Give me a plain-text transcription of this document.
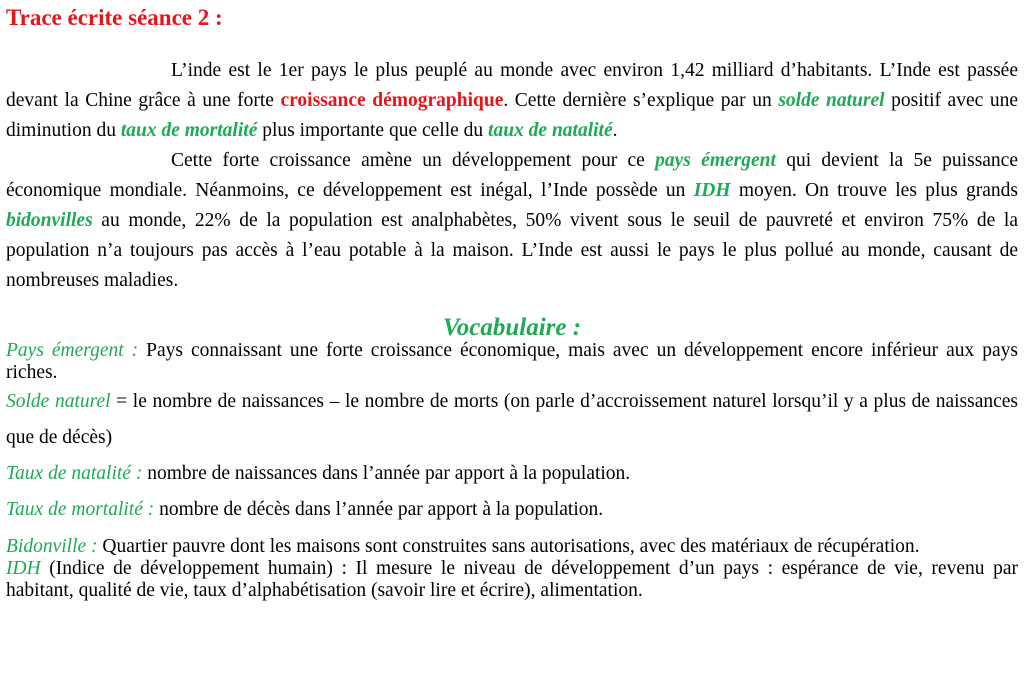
Trace écrite séance 2 :

L’inde est le 1er pays le plus peuplé au monde avec environ 1,42 milliard d’habitants. L’Inde est passée devant la Chine grâce à une forte croissance démographique. Cette dernière s’explique par un solde naturel positif avec une diminution du taux de mortalité plus importante que celle du taux de natalité.

Cette forte croissance amène un développement pour ce pays émergent qui devient la 5e puissance économique mondiale. Néanmoins, ce développement est inégal, l’Inde possède un IDH moyen. On trouve les plus grands bidonvilles au monde, 22% de la population est analphabètes, 50% vivent sous le seuil de pauvreté et environ 75% de la population n’a toujours pas accès à l’eau potable à la maison. L’Inde est aussi le pays le plus pollué au monde, causant de nombreuses maladies.

Vocabulaire :

Pays émergent : Pays connaissant une forte croissance économique, mais avec un développement encore inférieur aux pays riches.

Solde naturel = le nombre de naissances – le nombre de morts (on parle d’accroissement naturel lorsqu’il y a plus de naissances que de décès)

Taux de natalité : nombre de naissances dans l’année par apport à la population.

Taux de mortalité : nombre de décès dans l’année par apport à la population.

Bidonville : Quartier pauvre dont les maisons sont construites sans autorisations, avec des matériaux de récupération.

IDH (Indice de développement humain) : Il mesure le niveau de développement d’un pays : espérance de vie, revenu par habitant, qualité de vie, taux d’alphabétisation (savoir lire et écrire), alimentation.
